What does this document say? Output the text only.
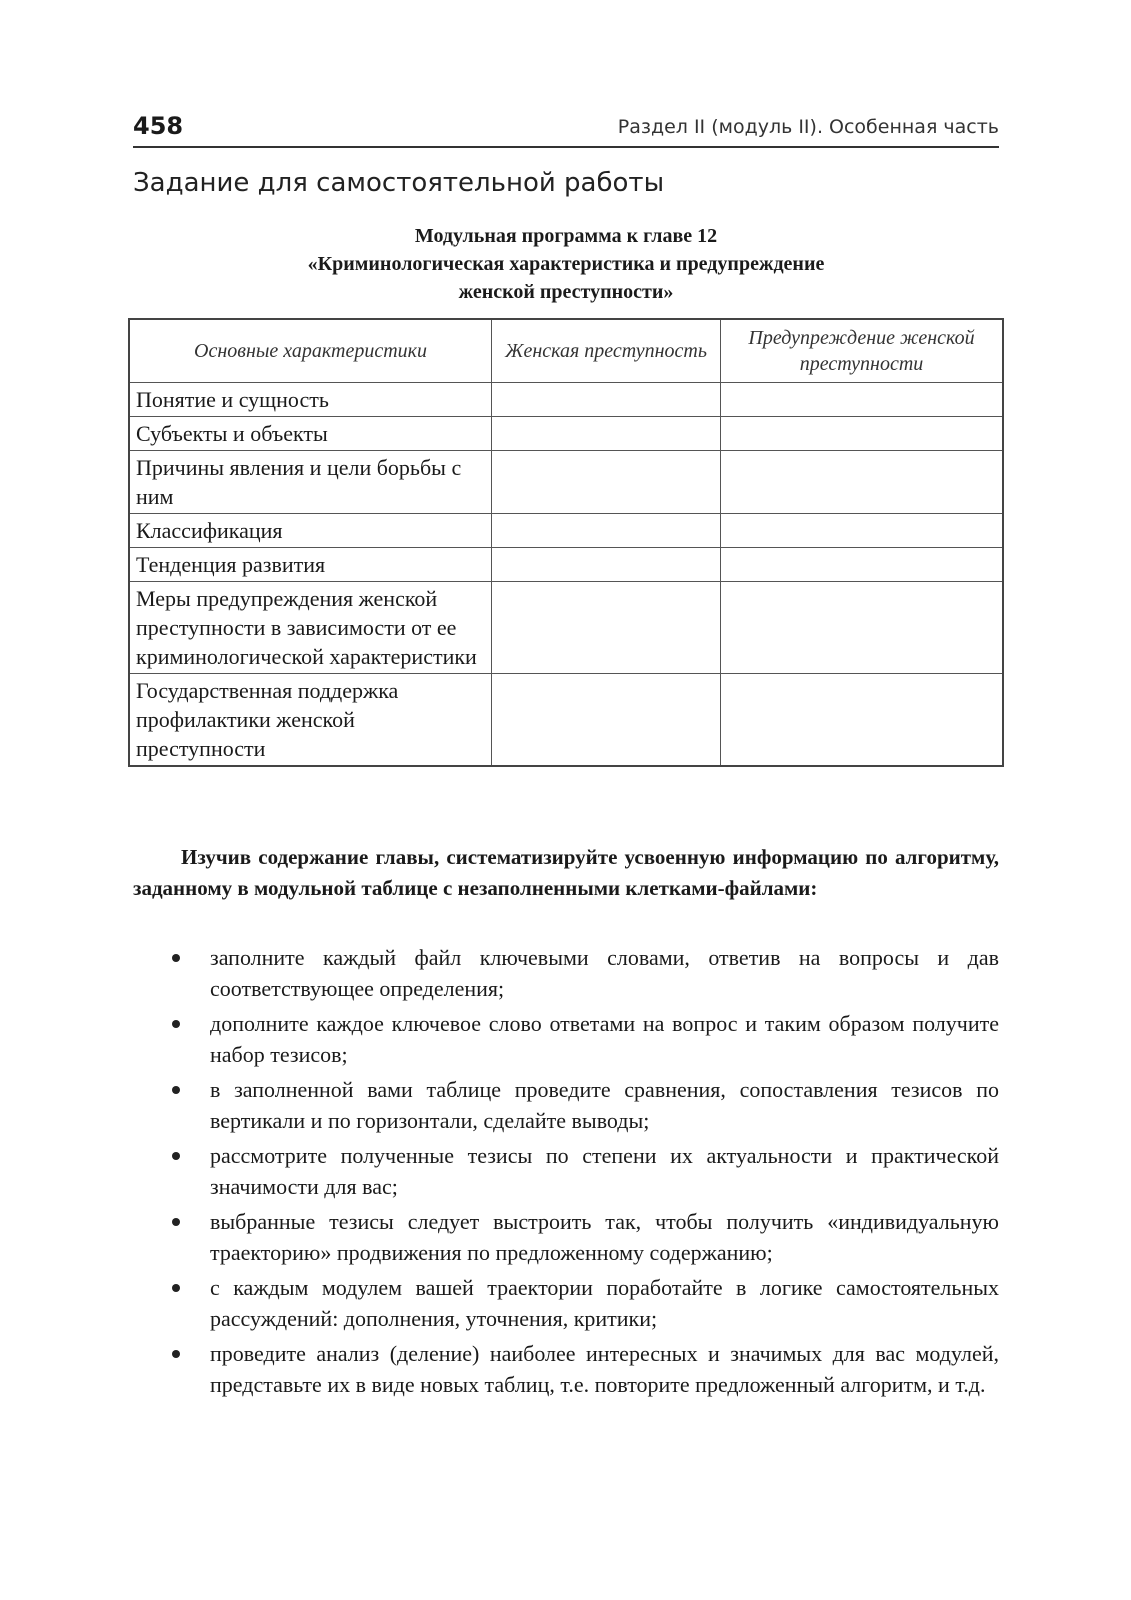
458	Раздел II (модуль II). Особенная часть
Задание для самостоятельной работы
Модульная программа к главе 12
«Криминологическая характеристика и предупреждение
женской преступности»
Основные характеристики	Женская преступность	Предупреждение женской преступности
Понятие и сущность		
Субъекты и объекты		
Причины явления и цели борьбы с ним		
Классификация		
Тенденция развития		
Меры предупреждения женской преступности в зависимости от ее криминологической характеристики		
Государственная поддержка профилактики женской преступности		

Изучив содержание главы, систематизируйте усвоенную информацию по алгоритму, заданному в модульной таблице с незаполненными клетками-файлами:

заполните каждый файл ключевыми словами, ответив на вопросы и дав соответствующее определения;
дополните каждое ключевое слово ответами на вопрос и таким образом получите набор тезисов;
в заполненной вами таблице проведите сравнения, сопоставления тезисов по вертикали и по горизонтали, сделайте выводы;
рассмотрите полученные тезисы по степени их актуальности и практической значимости для вас;
выбранные тезисы следует выстроить так, чтобы получить «индивидуальную траекторию» продвижения по предложенному содержанию;
с каждым модулем вашей траектории поработайте в логике самостоятельных рассуждений: дополнения, уточнения, критики;
проведите анализ (деление) наиболее интересных и значимых для вас модулей, представьте их в виде новых таблиц, т.е. повторите предложенный алгоритм, и т.д.
